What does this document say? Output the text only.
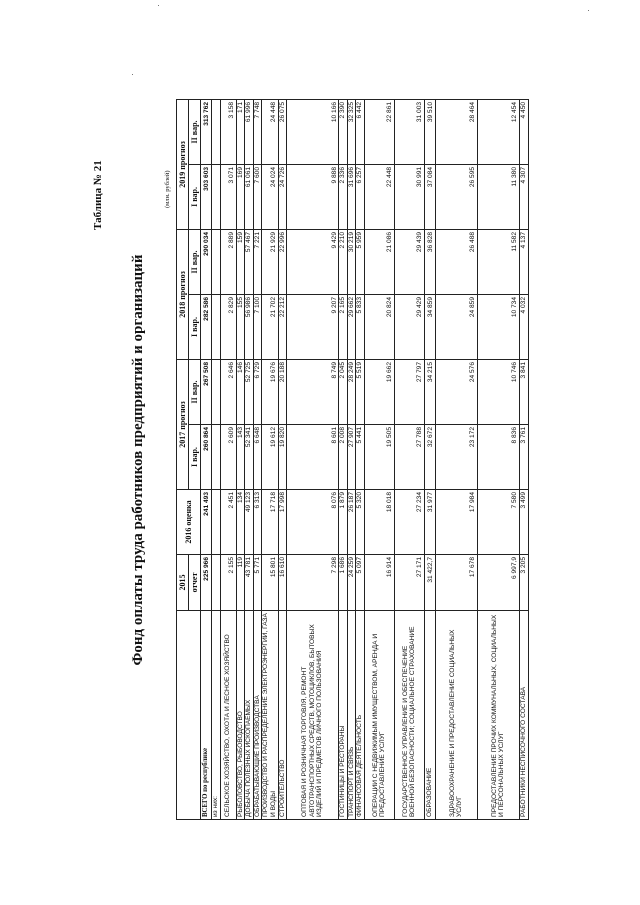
Таблица № 21
Фонд оплаты труда работников предприятий и организаций
(млн. рублей)
	2015	2016 оценка	2017 прогноз		2018 прогноз		2019 прогноз	
	отчет		I вар.	II вар.	I вар.	II вар.	I вар.	II вар.
ВСЕГО по республике	225 966	241 493	260 864	267 508	282 586	290 034	303 603	313 762
из них:								
СЕЛЬСКОЕ ХОЗЯЙСТВО, ОХОТА И ЛЕСНОЕ ХОЗЯЙСТВО	2 155	2 451	2 609	2 646	2 829	2 889	3 071	3 158
РЫБОЛОВСТВО, РЫБОВОДСТВО	119	134	143	146	155	159	169	171
ДОБЫЧА ПОЛЕЗНЫХ ИСКОПАЕМЫХ	43 781	49 123	52 341	52 725	56 986	57 467	61 061	61 996
ОБРАБАТЫВАЮЩИЕ ПРОИЗВОДСТВА	5 771	6 313	6 648	6 729	7 100	7 221	7 600	7 748
ПРОИЗВОДСТВО И РАСПРЕДЕЛЕНИЕ ЭЛЕКТРОЭНЕРГИИ, ГАЗА И ВОДЫ	15 801	17 718	19 612	19 676	21 702	21 929	24 024	24 448
СТРОИТЕЛЬСТВО	16 610	17 998	19 820	20 188	22 212	22 996	24 726	26 075
ОПТОВАЯ И РОЗНИЧНАЯ ТОРГОВЛЯ, РЕМОНТ АВТОТРАНСПОРТНЫХ СРЕДСТВ, МОТОЦИКЛОВ, БЫТОВЫХ ИЗДЕЛИЙ И ПРЕДМЕТОВ ЛИЧНОГО ПОЛЬЗОВАНИЯ	7 298	8 076	8 601	8 749	9 207	9 429	9 888	10 166
ГОСТИНИЦЫ И РЕСТОРАНЫ	1 686	1 879	2 008	2 045	2 165	2 210	2 336	2 390
ТРАНСПОРТ И СВЯЗЬ	24 259	26 187	27 907	28 249	29 662	30 219	31 696	32 325
ФИНАНСОВАЯ ДЕЯТЕЛЬНОСТЬ	5 097	5 320	5 441	5 519	5 833	5 959	6 257	6 442
ОПЕРАЦИИ С НЕДВИЖИМЫМ ИМУЩЕСТВОМ, АРЕНДА И ПРЕДОСТАВЛЕНИЕ УСЛУГ	16 914	18 018	19 505	19 662	20 824	21 086	22 448	22 861
ГОСУДАРСТВЕННОЕ УПРАВЛЕНИЕ И ОБЕСПЕЧЕНИЕ ВОЕННОЙ БЕЗОПАСНОСТИ; СОЦИАЛЬНОЕ СТРАХОВАНИЕ	27 171	27 234	27 788	27 797	29 429	29 439	30 991	31 003
ОБРАЗОВАНИЕ	31 422,7	31 977	32 672	34 215	34 859	36 828	37 084	39 510
ЗДРАВООХРАНЕНИЕ И ПРЕДОСТАВЛЕНИЕ СОЦИАЛЬНЫХ УСЛУГ	17 678	17 984	23 172	24 576	24 859	26 488	26 595	28 464
ПРЕДОСТАВЛЕНИЕ ПРОЧИХ КОММУНАЛЬНЫХ, СОЦИАЛЬНЫХ И ПЕРСОНАЛЬНЫХ УСЛУГ	6 997,9	7 580	8 836	10 746	10 734	11 582	11 380	12 454
РАБОТНИКИ НЕСПИСОЧНОГО СОСТАВА	3 205	3 499	3 761	3 841	4 032	4 137	4 307	4 450
